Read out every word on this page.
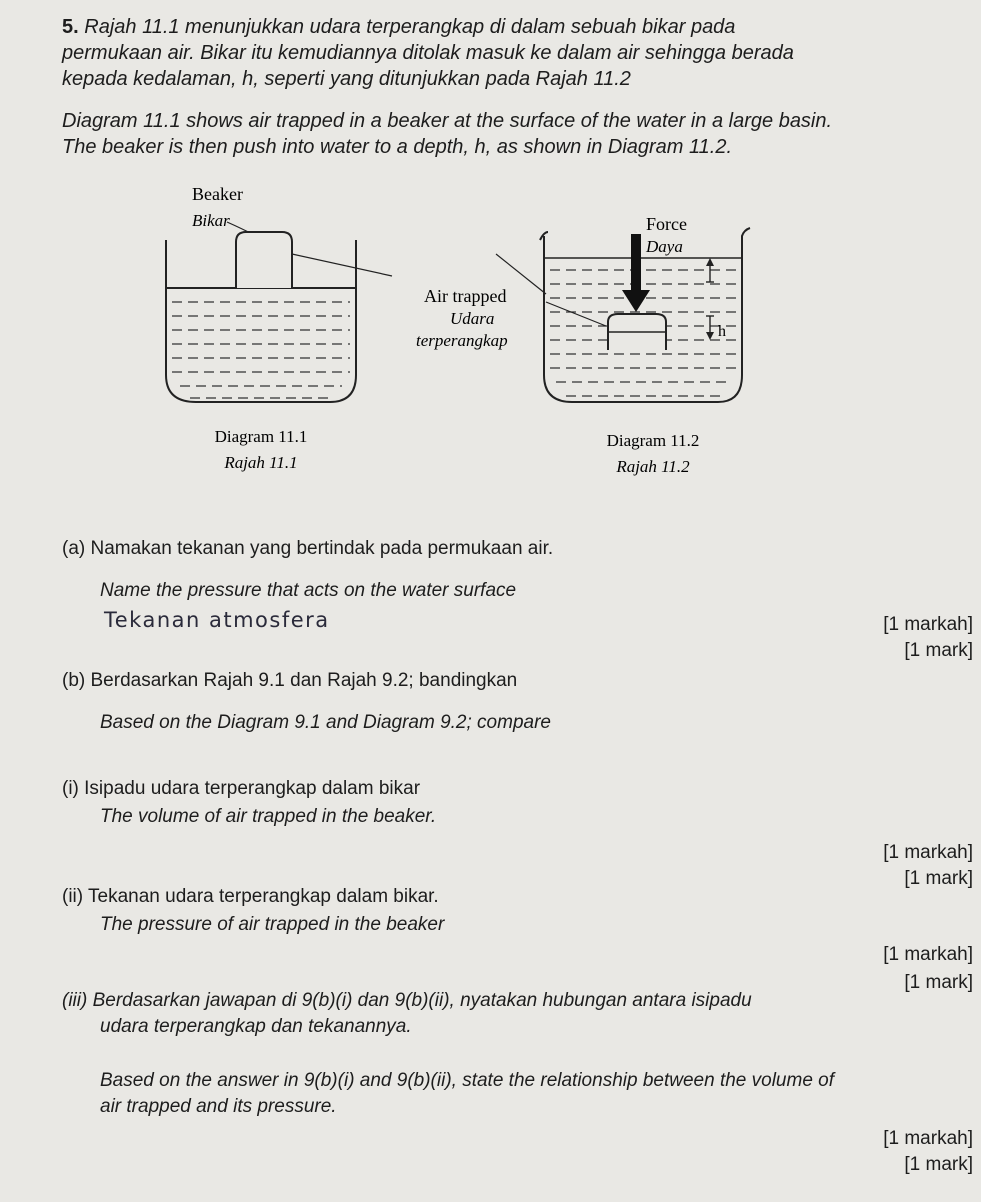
5. Rajah 11.1 menunjukkan udara terperangkap di dalam sebuah bikar pada
permukaan air. Bikar itu kemudiannya ditolak masuk ke dalam air sehingga berada
kepada kedalaman, h, seperti yang ditunjukkan pada Rajah 11.2
Diagram 11.1 shows air trapped in a beaker at the surface of the water in a large basin.
The beaker is then push into water to a depth, h, as shown in Diagram 11.2.
Beaker
Bikar
Diagram 11.1
Rajah 11.1
Force
Daya
Air trapped
Udara
terperangkap	h
Diagram 11.2
Rajah 11.2
(a) Namakan tekanan yang bertindak pada permukaan air.
Name the pressure that acts on the water surface
Tekanan atmosfera	[1 markah]
[1 mark]
(b) Berdasarkan Rajah 9.1 dan Rajah 9.2; bandingkan
Based on the Diagram 9.1 and Diagram 9.2; compare
(i) Isipadu udara terperangkap dalam bikar
The volume of air trapped in the beaker.
[1 markah]
[1 mark]
(ii) Tekanan udara terperangkap dalam bikar.
The pressure of air trapped in the beaker
[1 markah]
[1 mark]
(iii) Berdasarkan jawapan di 9(b)(i) dan 9(b)(ii), nyatakan hubungan antara isipadu
udara terperangkap dan tekanannya.
Based on the answer in 9(b)(i) and 9(b)(ii), state the relationship between the volume of
air trapped and its pressure.
[1 markah]
[1 mark]
